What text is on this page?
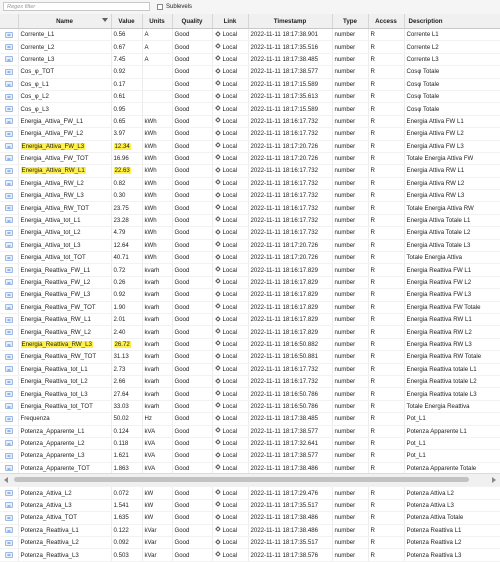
Regex filter
Sublevels
	Name	Value	Units	Quality	Link	Timestamp	Type	Access	Description
•••	Corrente_L1	0.56	A	Good	Local	2022-11-11 18:17:38.901	number	R	Corrente L1
•••	Corrente_L2	0.67	A	Good	Local	2022-11-11 18:17:35.516	number	R	Corrente L2
•••	Corrente_L3	7.45	A	Good	Local	2022-11-11 18:17:38.485	number	R	Corrente L3
•••	Cos_φ_TOT	0.92		Good	Local	2022-11-11 18:17:38.577	number	R	Cosφ Totale
•••	Cos_φ_L1	0.17		Good	Local	2022-11-11 18:17:15.589	number	R	Cosφ Totale
•••	Cos_φ_L2	0.61		Good	Local	2022-11-11 18:17:35.613	number	R	Cosφ Totale
•••	Cos_φ_L3	0.95		Good	Local	2022-11-11 18:17:15.589	number	R	Cosφ Totale
•••	Energia_Attiva_FW_L1	0.65	kWh	Good	Local	2022-11-11 18:16:17.732	number	R	Energia Attiva FW L1
•••	Energia_Attiva_FW_L2	3.97	kWh	Good	Local	2022-11-11 18:16:17.732	number	R	Energia Attiva FW L2
•••	Energia_Attiva_FW_L3	12.34	kWh	Good	Local	2022-11-11 18:17:20.726	number	R	Energia Attiva FW L3
•••	Energia_Attiva_FW_TOT	16.96	kWh	Good	Local	2022-11-11 18:17:20.726	number	R	Totale Energia Attiva FW
•••	Energia_Attiva_RW_L1	22.63	kWh	Good	Local	2022-11-11 18:16:17.732	number	R	Energia Attiva RW L1
•••	Energia_Attiva_RW_L2	0.82	kWh	Good	Local	2022-11-11 18:16:17.732	number	R	Energia Attiva RW L2
•••	Energia_Attiva_RW_L3	0.30	kWh	Good	Local	2022-11-11 18:16:17.732	number	R	Energia Attiva RW L3
•••	Energia_Attiva_RW_TOT	23.75	kWh	Good	Local	2022-11-11 18:16:17.732	number	R	Totale Energia Attiva RW
•••	Energia_Attiva_tot_L1	23.28	kWh	Good	Local	2022-11-11 18:16:17.732	number	R	Energia Attiva Totale L1
•••	Energia_Attiva_tot_L2	4.79	kWh	Good	Local	2022-11-11 18:16:17.732	number	R	Energia Attiva Totale L2
•••	Energia_Attiva_tot_L3	12.64	kWh	Good	Local	2022-11-11 18:17:20.726	number	R	Energia Attiva Totale L3
•••	Energia_Attiva_tot_TOT	40.71	kWh	Good	Local	2022-11-11 18:17:20.726	number	R	Totale Energia Attiva
•••	Energia_Reattiva_FW_L1	0.72	kvarh	Good	Local	2022-11-11 18:16:17.829	number	R	Energia Reattiva FW L1
•••	Energia_Reattiva_FW_L2	0.26	kvarh	Good	Local	2022-11-11 18:16:17.829	number	R	Energia Reattiva FW L2
•••	Energia_Reattiva_FW_L3	0.92	kvarh	Good	Local	2022-11-11 18:16:17.829	number	R	Energia Reattiva FW L3
•••	Energia_Reattiva_FW_TOT	1.90	kvarh	Good	Local	2022-11-11 18:16:17.829	number	R	Energia Reattiva FW Totale
•••	Energia_Reattiva_RW_L1	2.01	kvarh	Good	Local	2022-11-11 18:16:17.829	number	R	Energia Reattiva RW L1
•••	Energia_Reattiva_RW_L2	2.40	kvarh	Good	Local	2022-11-11 18:16:17.829	number	R	Energia Reattiva RW L2
•••	Energia_Reattiva_RW_L3	26.72	kvarh	Good	Local	2022-11-11 18:16:50.882	number	R	Energia Reattiva RW L3
•••	Energia_Reattiva_RW_TOT	31.13	kvarh	Good	Local	2022-11-11 18:16:50.881	number	R	Energia Reattiva RW Totale
•••	Energia_Reattiva_tot_L1	2.73	kvarh	Good	Local	2022-11-11 18:16:17.732	number	R	Energia Reattiva totale L1
•••	Energia_Reattiva_tot_L2	2.66	kvarh	Good	Local	2022-11-11 18:16:17.732	number	R	Energia Reattiva totale L2
•••	Energia_Reattiva_tot_L3	27.64	kvarh	Good	Local	2022-11-11 18:16:50.786	number	R	Energia Reattiva totale L3
•••	Energia_Reattiva_tot_TOT	33.03	kvarh	Good	Local	2022-11-11 18:16:50.786	number	R	Totale Energia Reattiva
•••	Frequenza	50.02	Hz	Good	Local	2022-11-11 18:17:38.485	number	R	Pot_L1
•••	Potenza_Apparente_L1	0.124	kVA	Good	Local	2022-11-11 18:17:38.577	number	R	Potenza Apparente L1
•••	Potenza_Apparente_L2	0.118	kVA	Good	Local	2022-11-11 18:17:32.641	number	R	Pot_L1
•••	Potenza_Apparente_L3	1.621	kVA	Good	Local	2022-11-11 18:17:38.577	number	R	Pot_L1
•••	Potenza_Apparente_TOT	1.863	kVA	Good	Local	2022-11-11 18:17:38.486	number	R	Potenza Apparente Totale
•••									
•••	Potenza_Attiva_L2	0.072	kW	Good	Local	2022-11-11 18:17:29.476	number	R	Potenza Attiva L2
•••	Potenza_Attiva_L3	1.541	kW	Good	Local	2022-11-11 18:17:35.517	number	R	Potenza Attiva L3
•••	Potenza_Attiva_TOT	1.635	kW	Good	Local	2022-11-11 18:17:38.486	number	R	Potenza Attiva Totale
•••	Potenza_Reattiva_L1	0.122	kVar	Good	Local	2022-11-11 18:17:38.486	number	R	Potenza Reattiva L1
•••	Potenza_Reattiva_L2	0.092	kVar	Good	Local	2022-11-11 18:17:35.517	number	R	Potenza Reattiva L2
•••	Potenza_Reattiva_L3	0.503	kVar	Good	Local	2022-11-11 18:17:38.576	number	R	Potenza Reattiva L3
